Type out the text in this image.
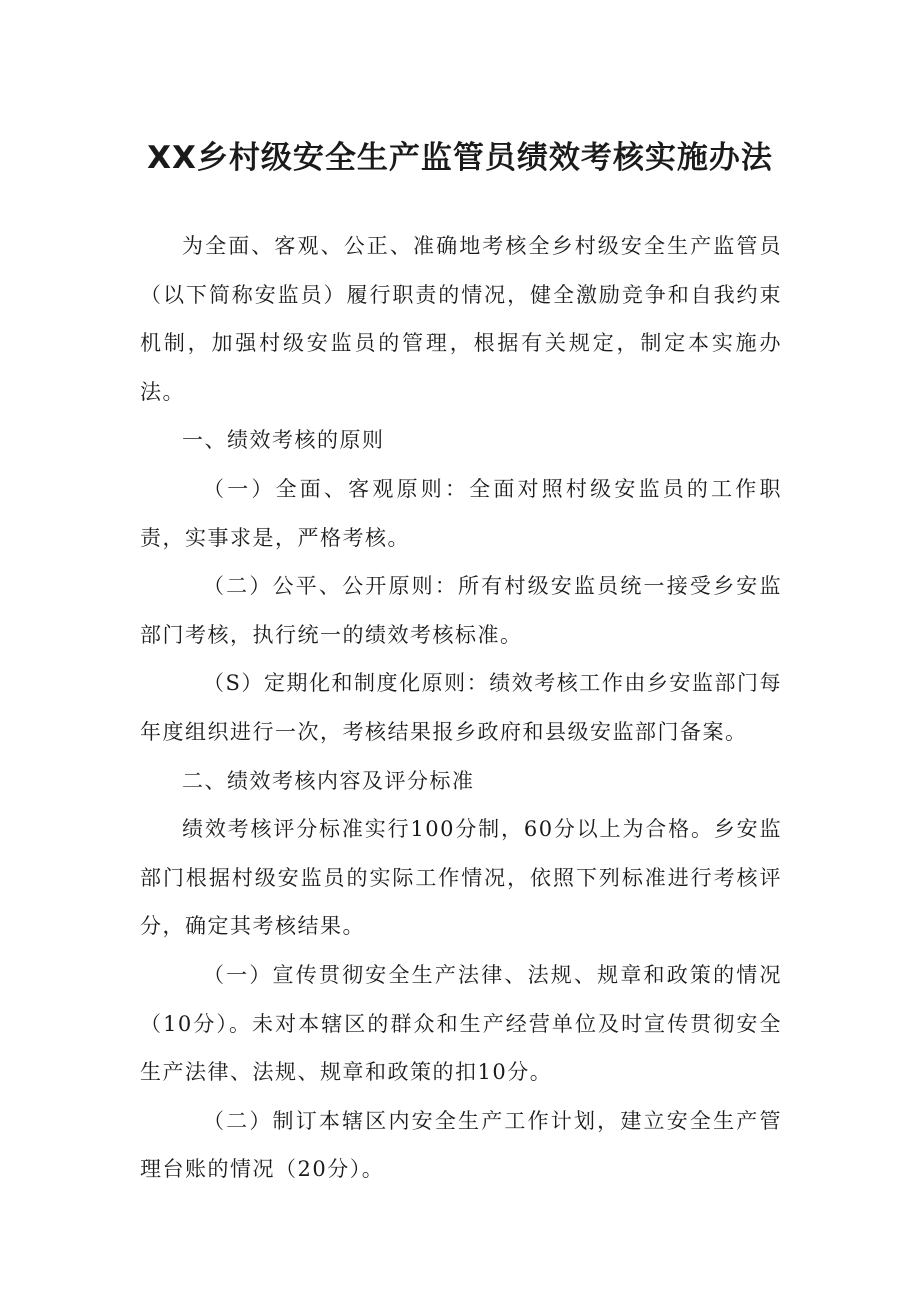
XX乡村级安全生产监管员绩效考核实施办法

为全面、客观、公正、准确地考核全乡村级安全生产监管员（以下简称安监员）履行职责的情况，健全激励竞争和自我约束机制，加强村级安监员的管理，根据有关规定，制定本实施办法。

一、绩效考核的原则

（一）全面、客观原则：全面对照村级安监员的工作职责，实事求是，严格考核。

（二）公平、公开原则：所有村级安监员统一接受乡安监部门考核，执行统一的绩效考核标准。

（S）定期化和制度化原则：绩效考核工作由乡安监部门每年度组织进行一次，考核结果报乡政府和县级安监部门备案。

二、绩效考核内容及评分标准

绩效考核评分标准实行100分制，60分以上为合格。乡安监部门根据村级安监员的实际工作情况，依照下列标准进行考核评分，确定其考核结果。

（一）宣传贯彻安全生产法律、法规、规章和政策的情况（10分）。未对本辖区的群众和生产经营单位及时宣传贯彻安全生产法律、法规、规章和政策的扣10分。

（二）制订本辖区内安全生产工作计划，建立安全生产管理台账的情况（20分）。
